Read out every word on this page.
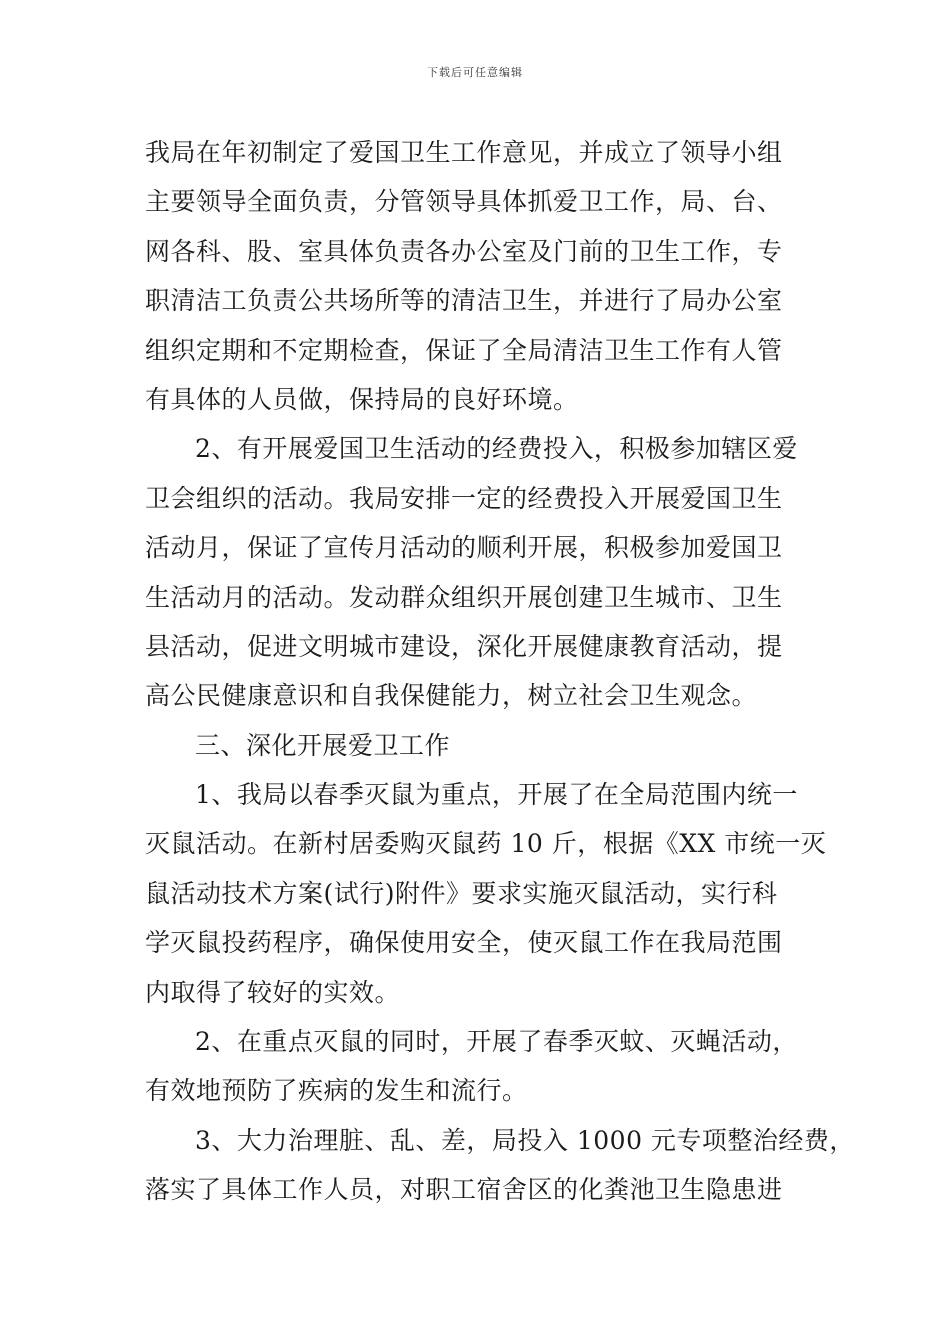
下载后可任意编辑
我局在年初制定了爱国卫生工作意见，并成立了领导小组
主要领导全面负责，分管领导具体抓爱卫工作，局、台、
网各科、股、室具体负责各办公室及门前的卫生工作，专
职清洁工负责公共场所等的清洁卫生，并进行了局办公室
组织定期和不定期检查，保证了全局清洁卫生工作有人管
有具体的人员做，保持局的良好环境。
2、有开展爱国卫生活动的经费投入，积极参加辖区爱
卫会组织的活动。我局安排一定的经费投入开展爱国卫生
活动月，保证了宣传月活动的顺利开展，积极参加爱国卫
生活动月的活动。发动群众组织开展创建卫生城市、卫生
县活动，促进文明城市建设，深化开展健康教育活动，提
高公民健康意识和自我保健能力，树立社会卫生观念。
三、深化开展爱卫工作
1、我局以春季灭鼠为重点，开展了在全局范围内统一
灭鼠活动。在新村居委购灭鼠药 10 斤，根据《XX 市统一灭
鼠活动技术方案(试行)附件》要求实施灭鼠活动，实行科
学灭鼠投药程序，确保使用安全，使灭鼠工作在我局范围
内取得了较好的实效。
2、在重点灭鼠的同时，开展了春季灭蚊、灭蝇活动，
有效地预防了疾病的发生和流行。
3、大力治理脏、乱、差，局投入 1000 元专项整治经费，
落实了具体工作人员，对职工宿舍区的化粪池卫生隐患进
